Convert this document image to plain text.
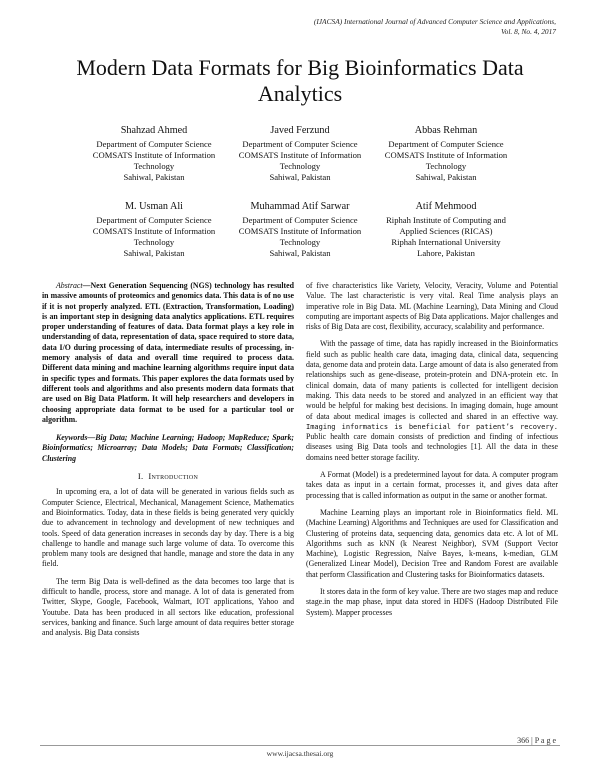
(IJACSA) International Journal of Advanced Computer Science and Applications,
Vol. 8, No. 4, 2017
Modern Data Formats for Big Bioinformatics Data Analytics
Shahzad Ahmed
Department of Computer Science
COMSATS Institute of Information
Technology
Sahiwal, Pakistan
Javed Ferzund
Department of Computer Science
COMSATS Institute of Information
Technology
Sahiwal, Pakistan
Abbas Rehman
Department of Computer Science
COMSATS Institute of Information
Technology
Sahiwal, Pakistan
M. Usman Ali
Department of Computer Science
COMSATS Institute of Information
Technology
Sahiwal, Pakistan
Muhammad Atif Sarwar
Department of Computer Science
COMSATS Institute of Information
Technology
Sahiwal, Pakistan
Atif Mehmood
Riphah Institute of Computing and
Applied Sciences (RICAS)
Riphah International University
Lahore, Pakistan

Abstract—Next Generation Sequencing (NGS) technology has resulted in massive amounts of proteomics and genomics data. This data is of no use if it is not properly analyzed. ETL (Extraction, Transformation, Loading) is an important step in designing data analytics applications. ETL requires proper understanding of features of data. Data format plays a key role in understanding of data, representation of data, space required to store data, data I/O during processing of data, intermediate results of processing, in-memory analysis of data and overall time required to process data. Different data mining and machine learning algorithms require input data in specific types and formats. This paper explores the data formats used by different tools and algorithms and also presents modern data formats that are used on Big Data Platform. It will help researchers and developers in choosing appropriate data format to be used for a particular tool or algorithm.

Keywords—Big Data; Machine Learning; Hadoop; MapReduce; Spark; Bioinformatics; Microarray; Data Models; Data Formats; Classification; Clustering

I. Introduction

In upcoming era, a lot of data will be generated in various fields such as Computer Science, Electrical, Mechanical, Management Science, Mathematics and Bioinformatics. Today, data in these fields is being generated very quickly due to advancement in technology and development of new techniques and tools. Speed of data generation increases in seconds day by day. There is a big challenge to handle and manage such large volume of data. To overcome this problem many tools are designed that handle, manage and store the data in any field.

The term Big Data is well-defined as the data becomes too large that is difficult to handle, process, store and manage. A lot of data is generated from Twitter, Skype, Google, Facebook, Walmart, IOT applications, Yahoo and Youtube. Data has been produced in all sectors like education, professional services, banking and finance. Such large amount of data requires better storage and analysis. Big Data consists

of five characteristics like Variety, Velocity, Veracity, Volume and Potential Value. The last characteristic is very vital. Real Time analysis plays an imperative role in Big Data. ML (Machine Learning), Data Mining and Cloud computing are important aspects of Big Data applications. Major challenges and risks of Big Data are cost, flexibility, accuracy, scalability and performance.

With the passage of time, data has rapidly increased in the Bioinformatics field such as public health care data, imaging data, clinical data, sequencing data, genome data and protein data. Large amount of data is also generated from relationships such as gene-disease, protein-protein and DNA-protein etc. In clinical domain, data of many patients is collected for intelligent decision making. This data needs to be stored and analyzed in an efficient way that would be helpful for making best decisions. In imaging domain, huge amount of data about medical images is collected and shared in an effective way. Imaging informatics is beneficial for patient’s recovery. Public health care domain consists of prediction and finding of infectious diseases using Big Data tools and technologies [1]. All the data in these domains need better storage facility.

A Format (Model) is a predetermined layout for data. A computer program takes data as input in a certain format, processes it, and gives data after processing that is called information as output in the same or another format.

Machine Learning plays an important role in Bioinformatics field. ML (Machine Learning) Algorithms and Techniques are used for Classification and Clustering of proteins data, sequencing data, genomics data etc. A lot of ML Algorithms such as kNN (k Nearest Neighbor), SVM (Support Vector Machine), Logistic Regression, Naïve Bayes, k-means, k-median, GLM (Generalized Linear Model), Decision Tree and Random Forest are available that perform Classification and Clustering tasks for Bioinformatics datasets.

It stores data in the form of key value. There are two stages map and reduce stage.in the map phase, input data stored in HDFS (Hadoop Distributed File System). Mapper processes

366 | P a g e
www.ijacsa.thesai.org
